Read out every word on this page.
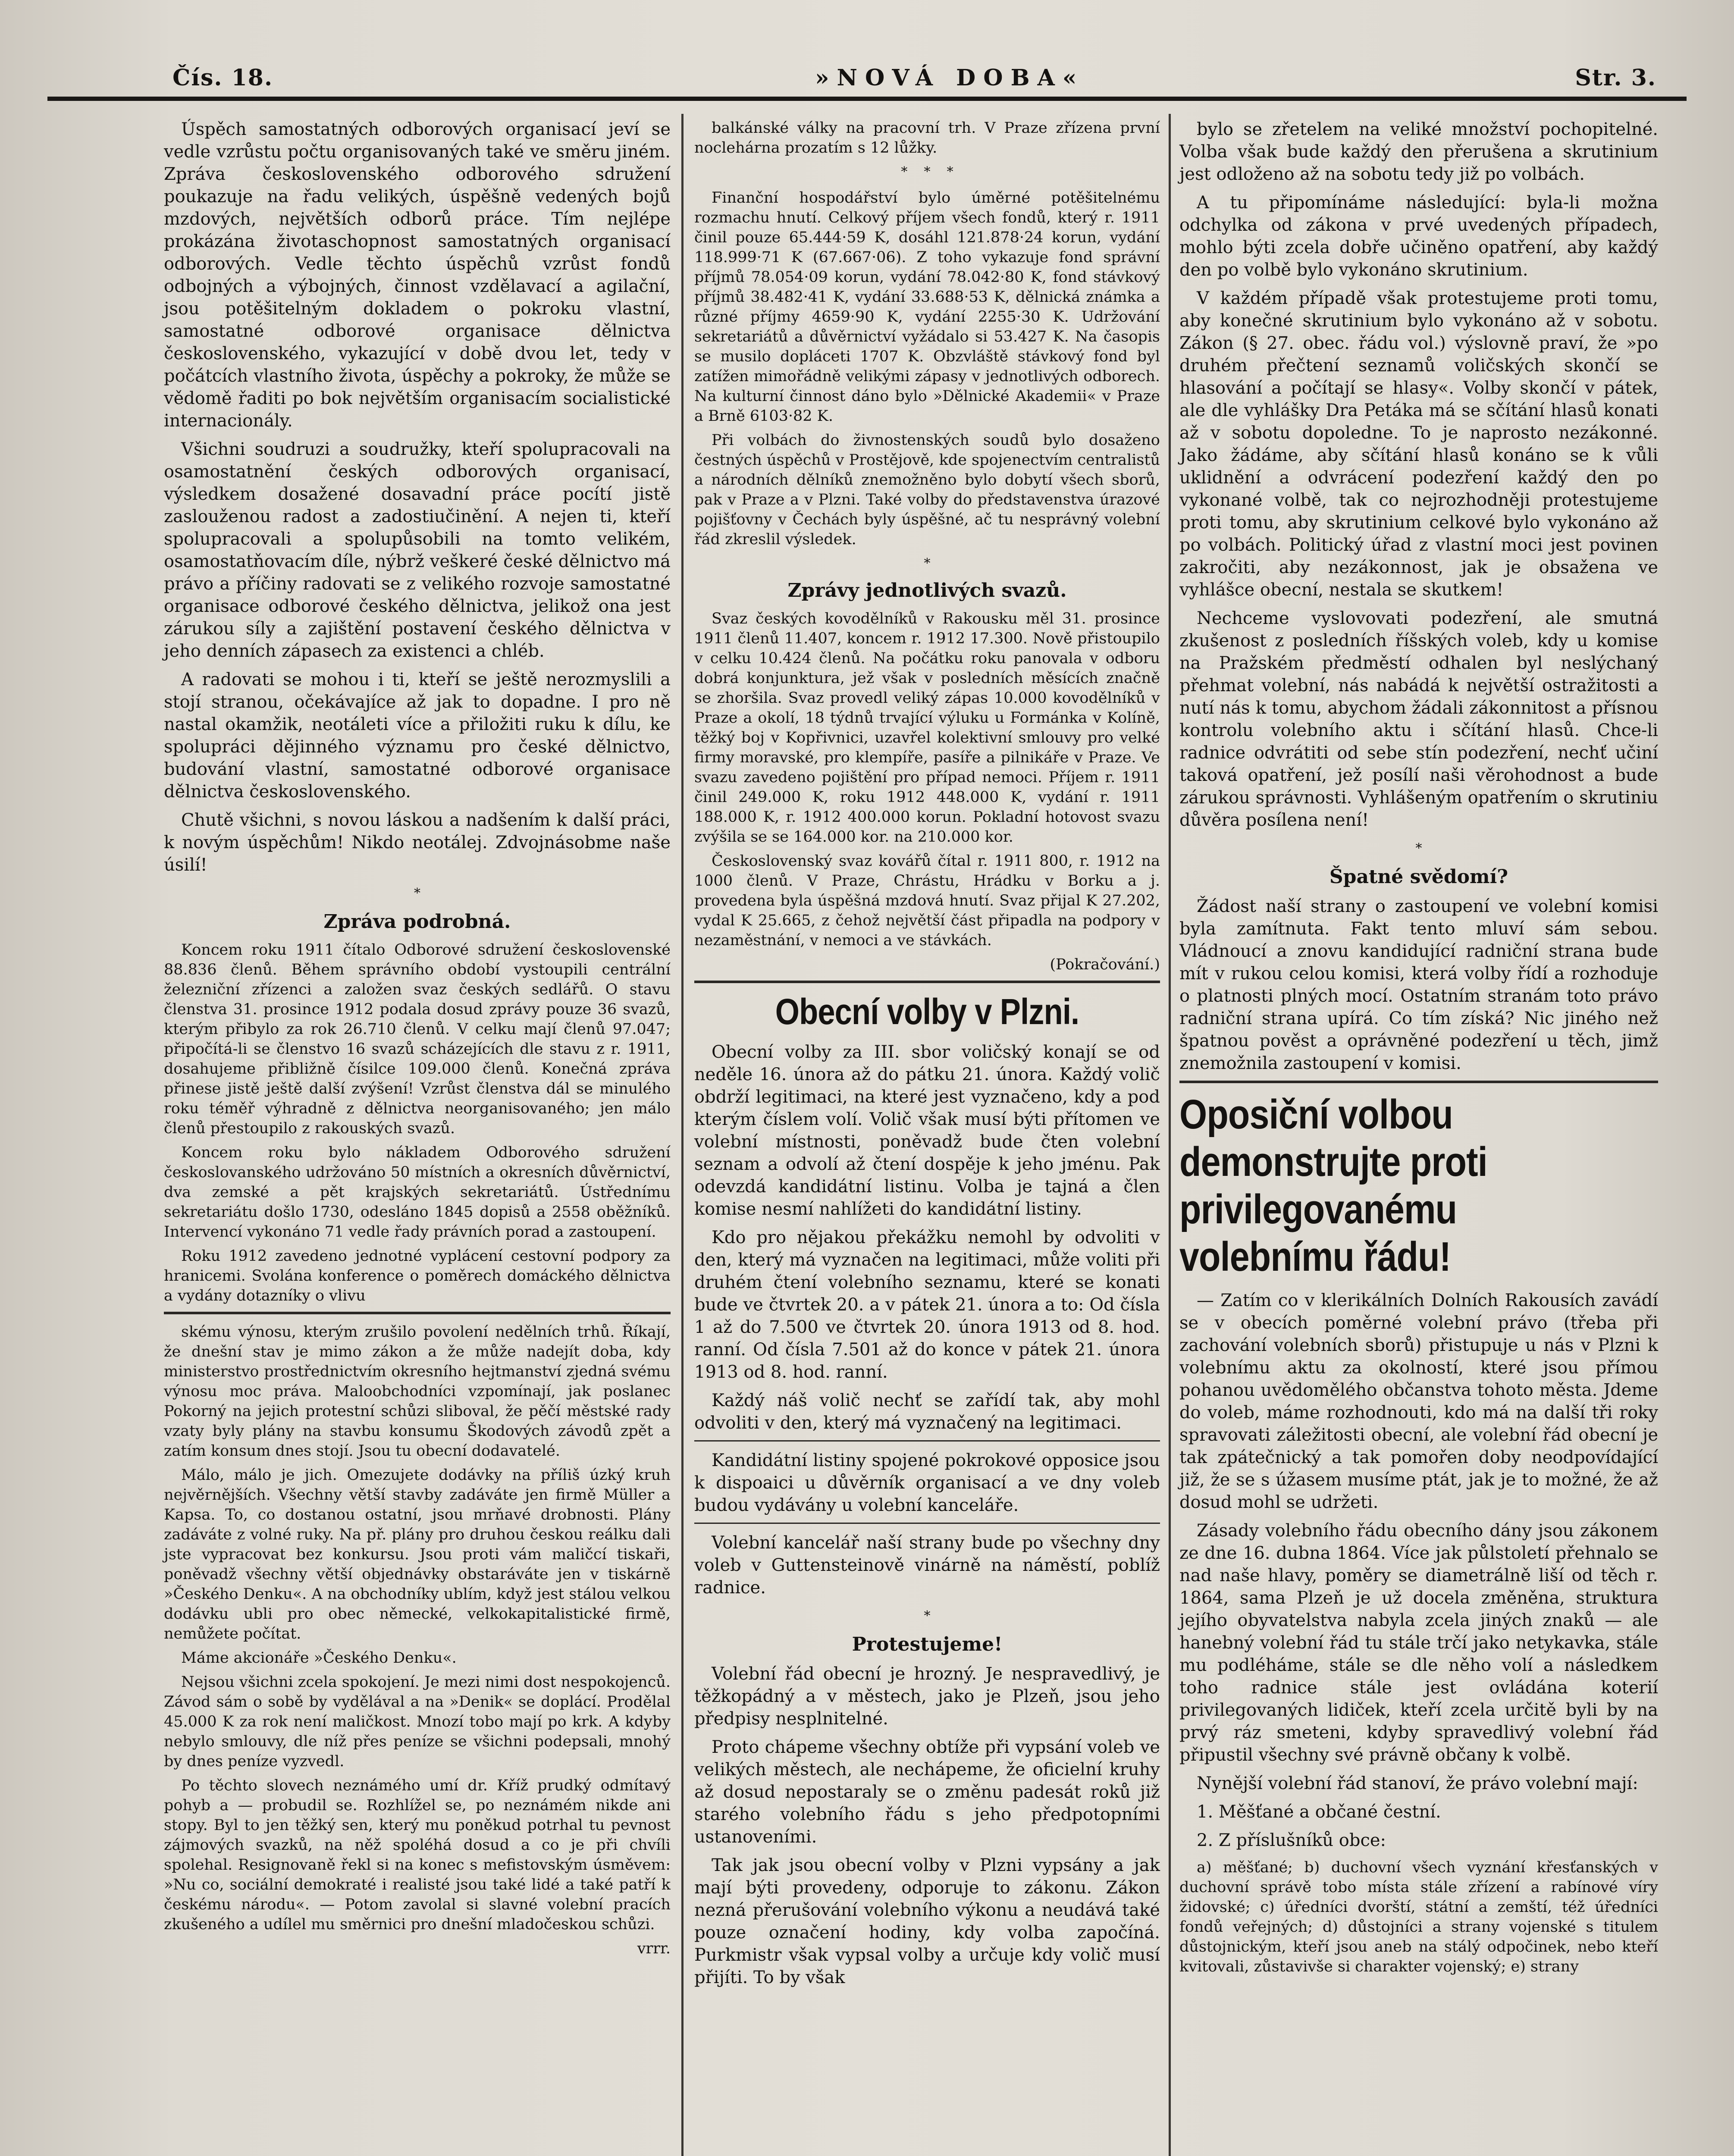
Čís. 18.	»NOVÁ DOBA«	Str. 3.

Úspěch samostatných odborových organisací jeví se vedle vzrůstu počtu organisovaných také ve směru jiném. Zpráva československého odborového sdružení poukazuje na řadu velikých, úspěšně vedených bojů mzdových, největších odborů práce. Tím nejlépe prokázána životaschopnost samostatných organisací odborových. Vedle těchto úspěchů vzrůst fondů odbojných a výbojných, činnost vzdělavací a agilační, jsou potěšitelným dokladem o pokroku vlastní, samostatné odborové organisace dělnictva československého, vykazující v době dvou let, tedy v počátcích vlastního života, úspěchy a pokroky, že může se vědomě řaditi po bok největším organisacím socialistické internacionály.

Všichni soudruzi a soudružky, kteří spolupracovali na osamostatnění českých odborových organisací, výsledkem dosažené dosavadní práce pocítí jistě zaslouženou radost a zadostiučinění. A nejen ti, kteří spolupracovali a spolupůsobili na tomto velikém, osamostatňovacím díle, nýbrž veškeré české dělnictvo má právo a příčiny radovati se z velikého rozvoje samostatné organisace odborové českého dělnictva, jelikož ona jest zárukou síly a zajištění postavení českého dělnictva v jeho denních zápasech za existenci a chléb.

A radovati se mohou i ti, kteří se ještě nerozmyslili a stojí stranou, očekávajíce až jak to dopadne. I pro ně nastal okamžik, neotáleti více a přiložiti ruku k dílu, ke spolupráci dějinného významu pro české dělnictvo, budování vlastní, samostatné odborové organisace dělnictva československého.

Chutě všichni, s novou láskou a nadšením k další práci, k novým úspěchům! Nikdo neotálej. Zdvojnásobme naše úsilí!

*
Zpráva podrobná.

Koncem roku 1911 čítalo Odborové sdružení československé 88.836 členů. Během správního období vystoupili centrální železniční zřízenci a založen svaz českých sedlářů. O stavu členstva 31. prosince 1912 podala dosud zprávy pouze 36 svazů, kterým přibylo za rok 26.710 členů. V celku mají členů 97.047; připočítá-li se členstvo 16 svazů scházejících dle stavu z r. 1911, dosahujeme přibližně čísilce 109.000 členů. Konečná zpráva přinese jistě ještě další zvýšení! Vzrůst členstva dál se minulého roku téměř výhradně z dělnictva neorganisovaného; jen málo členů přestoupilo z rakouských svazů.

Koncem roku bylo nákladem Odborového sdružení českoslovanského udržováno 50 místních a okresních důvěrnictví, dva zemské a pět krajských sekretariátů. Ústřednímu sekretariátu došlo 1730, odesláno 1845 dopisů a 2558 oběžníků. Intervencí vykonáno 71 vedle řady právních porad a zastoupení.

Roku 1912 zavedeno jednotné vyplácení cestovní podpory za hranicemi. Svolána konference o poměrech domáckého dělnictva a vydány dotazníky o vlivu

skému výnosu, kterým zrušilo povolení nedělních trhů. Říkají, že dnešní stav je mimo zákon a že může nadejít doba, kdy ministerstvo prostřednictvím okresního hejtmanství zjedná svému výnosu moc práva. Maloobchodníci vzpomínají, jak poslanec Pokorný na jejich protestní schůzi sliboval, že pěčí městské rady vzaty byly plány na stavbu konsumu Škodových závodů zpět a zatím konsum dnes stojí. Jsou tu obecní dodavatelé.

Málo, málo je jich. Omezujete dodávky na příliš úzký kruh nejvěrnějších. Všechny větší stavby zadáváte jen firmě Müller a Kapsa. To, co dostanou ostatní, jsou mrňavé drobnosti. Plány zadáváte z volné ruky. Na př. plány pro druhou českou reálku dali jste vypracovat bez konkursu. Jsou proti vám maličcí tiskaři, poněvadž všechny větší objednávky obstaráváte jen v tiskárně »Českého Denku«. A na obchodníky ublím, když jest stálou velkou dodávku ubli pro obec německé, velkokapitalistické firmě, nemůžete počítat.

Máme akcionáře »Českého Denku«.

Nejsou všichni zcela spokojení. Je mezi nimi dost nespokojenců. Závod sám o sobě by vydělával a na »Denik« se doplácí. Prodělal 45.000 K za rok není maličkost. Mnozí tobo mají po krk. A kdyby nebylo smlouvy, dle níž přes peníze se všichni podepsali, mnohý by dnes peníze vyzvedl.

Po těchto slovech neznámého umí dr. Kříž prudký odmítavý pohyb a — probudil se. Rozhlížel se, po neznámém nikde ani stopy. Byl to jen těžký sen, který mu poněkud potrhal tu pevnost zájmových svazků, na něž spoléhá dosud a co je při chvíli spolehal. Resignovaně řekl si na konec s mefistovským úsměvem: »Nu co, sociální demokraté i realisté jsou také lidé a také patří k českému národu«. — Potom zavolal si slavné volební pracích zkušeného a udílel mu směrnici pro dnešní mladočeskou schůzi.

vrrr.

balkánské války na pracovní trh. V Praze zřízena první noclehárna prozatím s 12 lůžky.

*    *    *

Finanční hospodářství bylo úměrné potěšitelnému rozmachu hnutí. Celkový příjem všech fondů, který r. 1911 činil pouze 65.444·59 K, dosáhl 121.878·24 korun, vydání 118.999·71 K (67.667·06). Z toho vykazuje fond správní příjmů 78.054·09 korun, vydání 78.042·80 K, fond stávkový příjmů 38.482·41 K, vydání 33.688·53 K, dělnická známka a různé příjmy 4659·90 K, vydání 2255·30 K. Udržování sekretariátů a důvěrnictví vyžádalo si 53.427 K. Na časopis se musilo dopláceti 1707 K. Obzvláště stávkový fond byl zatížen mimořádně velikými zápasy v jednotlivých odborech. Na kulturní činnost dáno bylo »Dělnické Akademii« v Praze a Brně 6103·82 K.

Při volbách do živnostenských soudů bylo dosaženo čestných úspěchů v Prostějově, kde spojenectvím centralistů a národních dělníků znemožněno bylo dobytí všech sborů, pak v Praze a v Plzni. Také volby do představenstva úrazové pojišťovny v Čechách byly úspěšné, ač tu nesprávný volební řád zkreslil výsledek.

*
Zprávy jednotlivých svazů.

Svaz českých kovodělníků v Rakousku měl 31. prosince 1911 členů 11.407, koncem r. 1912 17.300. Nově přistoupilo v celku 10.424 členů. Na počátku roku panovala v odboru dobrá konjunktura, jež však v posledních měsících značně se zhoršila. Svaz provedl veliký zápas 10.000 kovodělníků v Praze a okolí, 18 týdnů trvající výluku u Formánka v Kolíně, těžký boj v Kopřivnici, uzavřel kolektivní smlouvy pro velké firmy moravské, pro klempíře, pasíře a pilnikáře v Praze. Ve svazu zavedeno pojištění pro případ nemoci. Příjem r. 1911 činil 249.000 K, roku 1912 448.000 K, vydání r. 1911 188.000 K, r. 1912 400.000 korun. Pokladní hotovost svazu zvýšila se se 164.000 kor. na 210.000 kor.

Československý svaz kovářů čítal r. 1911 800, r. 1912 na 1000 členů. V Praze, Chrástu, Hrádku v Borku a j. provedena byla úspěšná mzdová hnutí. Svaz přijal K 27.202, vydal K 25.665, z čehož největší část připadla na podpory v nezaměstnání, v nemoci a ve stávkách.

(Pokračování.)
Obecní volby v Plzni.

Obecní volby za III. sbor voličský konají se od neděle 16. února až do pátku 21. února. Každý volič obdrží legitimaci, na které jest vyznačeno, kdy a pod kterým číslem volí. Volič však musí býti přítomen ve volební místnosti, poněvadž bude čten volební seznam a odvolí až čtení dospěje k jeho jménu. Pak odevzdá kandidátní listinu. Volba je tajná a člen komise nesmí nahlížeti do kandidátní listiny.

Kdo pro nějakou překážku nemohl by odvoliti v den, který má vyznačen na legitimaci, může voliti při druhém čtení volebního seznamu, které se konati bude ve čtvrtek 20. a v pátek 21. února a to: Od čísla 1 až do 7.500 ve čtvrtek 20. února 1913 od 8. hod. ranní. Od čísla 7.501 až do konce v pátek 21. února 1913 od 8. hod. ranní.

Každý náš volič nechť se zařídí tak, aby mohl odvoliti v den, který má vyznačený na legitimaci.

Kandidátní listiny spojené pokrokové opposice jsou k dispoaici u důvěrník organisací a ve dny voleb budou vydávány u volební kanceláře.

Volební kancelář naší strany bude po všechny dny voleb v Guttensteinově vinárně na náměstí, poblíž radnice.

*
Protestujeme!

Volební řád obecní je hrozný. Je nespravedlivý, je těžkopádný a v městech, jako je Plzeň, jsou jeho předpisy nesplnitelné.

Proto chápeme všechny obtíže při vypsání voleb ve velikých městech, ale nechápeme, že oficielní kruhy až dosud nepostaraly se o změnu padesát roků již starého volebního řádu s jeho předpotopními ustanoveními.

Tak jak jsou obecní volby v Plzni vypsány a jak mají býti provedeny, odporuje to zákonu. Zákon nezná přerušování volebního výkonu a neudává také pouze označení hodiny, kdy volba započíná. Purkmistr však vypsal volby a určuje kdy volič musí přijíti. To by však

bylo se zřetelem na veliké množství pochopitelné. Volba však bude každý den přerušena a skrutinium jest odloženo až na sobotu tedy již po volbách.

A tu připomínáme následující: byla-li možna odchylka od zákona v prvé uvedených případech, mohlo býti zcela dobře učiněno opatření, aby každý den po volbě bylo vykonáno skrutinium.

V každém případě však protestujeme proti tomu, aby konečné skrutinium bylo vykonáno až v sobotu. Zákon (§ 27. obec. řádu vol.) výslovně praví, že »po druhém přečtení seznamů voličských skončí se hlasování a počítají se hlasy«. Volby skončí v pátek, ale dle vyhlášky Dra Petáka má se sčítání hlasů konati až v sobotu dopoledne. To je naprosto nezákonné. Jako žádáme, aby sčítání hlasů konáno se k vůli uklidnění a odvrácení podezření každý den po vykonané volbě, tak co nejrozhodněji protestujeme proti tomu, aby skrutinium celkové bylo vykonáno až po volbách. Politický úřad z vlastní moci jest povinen zakročiti, aby nezákonnost, jak je obsažena ve vyhlášce obecní, nestala se skutkem!

Nechceme vyslovovati podezření, ale smutná zkušenost z posledních říšských voleb, kdy u komise na Pražském předměstí odhalen byl neslýchaný přehmat volební, nás nabádá k největší ostražitosti a nutí nás k tomu, abychom žádali zákonnitost a přísnou kontrolu volebního aktu i sčítání hlasů. Chce-li radnice odvrátiti od sebe stín podezření, nechť učiní taková opatření, jež posílí naši věrohodnost a bude zárukou správnosti. Vyhlášeným opatřením o skrutiniu důvěra posílena není!

*
Špatné svědomí?

Žádost naší strany o zastoupení ve volební komisi byla zamítnuta. Fakt tento mluví sám sebou. Vládnoucí a znovu kandidující radniční strana bude mít v rukou celou komisi, která volby řídí a rozhoduje o platnosti plných mocí. Ostatním stranám toto právo radniční strana upírá. Co tím získá? Nic jiného než špatnou pověst a oprávněné podezření u těch, jimž znemožnila zastoupení v komisi.

Oposiční volbou demonstrujte proti privilegovanému volebnímu řádu!

— Zatím co v klerikálních Dolních Rakousích zavádí se v obecích poměrné volební právo (třeba při zachování volebních sborů) přistupuje u nás v Plzni k volebnímu aktu za okolností, které jsou přímou pohanou uvědomělého občanstva tohoto města. Jdeme do voleb, máme rozhodnouti, kdo má na další tři roky spravovati záležitosti obecní, ale volební řád obecní je tak zpátečnický a tak pomořen doby neodpovídající již, že se s úžasem musíme ptát, jak je to možné, že až dosud mohl se udržeti.

Zásady volebního řádu obecního dány jsou zákonem ze dne 16. dubna 1864. Více jak půlstoletí přehnalo se nad naše hlavy, poměry se diametrálně liší od těch r. 1864, sama Plzeň je už docela změněna, struktura jejího obyvatelstva nabyla zcela jiných znaků — ale hanebný volební řád tu stále trčí jako netykavka, stále mu podléháme, stále se dle něho volí a následkem toho radnice stále jest ovládána koterií privilegovaných lidiček, kteří zcela určitě byli by na prvý ráz smeteni, kdyby spravedlivý volební řád připustil všechny své právně občany k volbě.

Nynější volební řád stanoví, že právo volební mají:

1. Měšťané a občané čestní.

2. Z příslušníků obce:

a) měšťané; b) duchovní všech vyznání křesťanských v duchovní správě tobo místa stále zřízení a rabínové víry židovské; c) úředníci dvorští, státní a zemští, též úředníci fondů veřejných; d) důstojníci a strany vojenské s titulem důstojnickým, kteří jsou aneb na stálý odpočinek, nebo kteří kvitovali, zůstavivše si charakter vojenský; e) strany
